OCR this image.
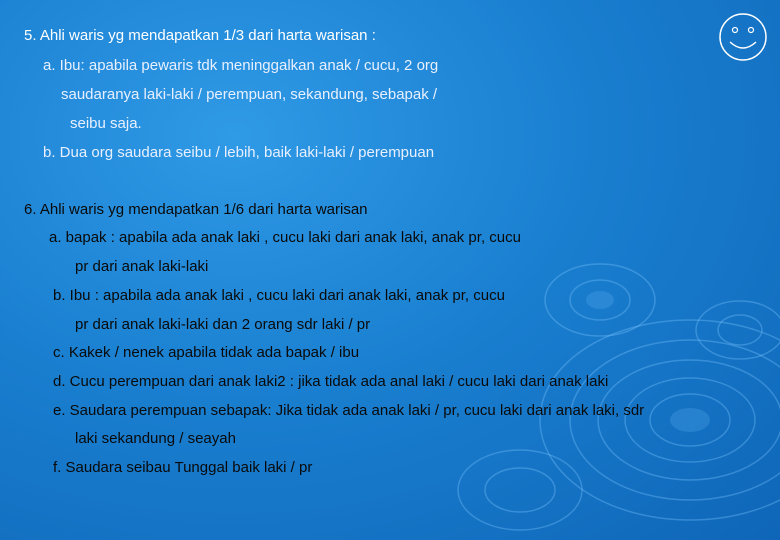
5. Ahli waris yg mendapatkan 1/3 dari harta warisan :
a. Ibu: apabila pewaris tdk meninggalkan anak / cucu, 2 org
saudaranya laki-laki / perempuan, sekandung, sebapak /
seibu saja.
b. Dua org saudara seibu / lebih, baik laki-laki / perempuan
6. Ahli waris yg mendapatkan 1/6 dari harta warisan
a. bapak : apabila ada anak laki , cucu laki dari anak laki, anak pr, cucu
pr dari anak laki-laki
b. Ibu : apabila ada anak laki , cucu laki dari anak laki, anak pr, cucu
pr dari anak laki-laki dan 2 orang sdr laki / pr
c. Kakek / nenek apabila tidak ada bapak / ibu
d. Cucu perempuan dari anak laki2 : jika tidak ada anal laki / cucu laki dari anak laki
e. Saudara perempuan sebapak: Jika tidak ada anak laki / pr, cucu laki dari anak laki, sdr
laki sekandung / seayah
f. Saudara seibau Tunggal baik laki / pr
